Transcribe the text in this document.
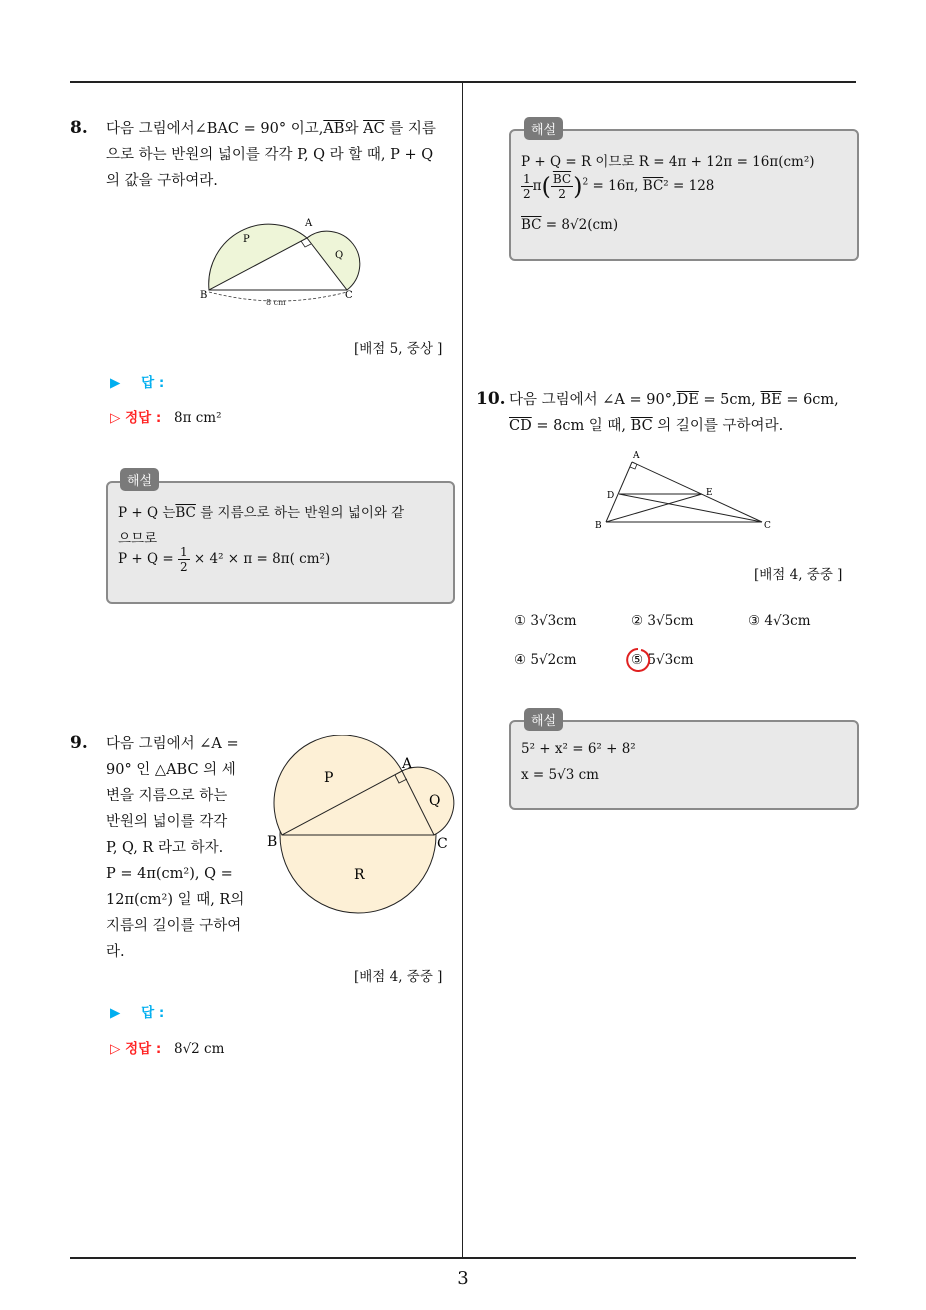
8. 다음 그림에서∠BAC = 90° 이고$,\overline{AB}$와 $\overline{AC}$ 를 지름
으로 하는 반원의 넓이를 각각 P, Q 라 할 때, P + Q
의 값을 구하여라.
A
B	C
P
Q
8 cm
[배점 5, 중상 ]
▶ 답 :
▷ 정답 : 8π cm²
해설
P + Q 는$\overline{BC}$ 를 지름으로 하는 반원의 넓이와 같
으므로
$P + Q = \frac{1}{2} \times 4^2 \times \pi = 8\pi$( cm²)
해설
P + Q = R 이므로 R = 4π + 12π = 16π(cm²)
$\frac{1}{2} \pi( \frac{\overline{BC}}{2} )^2 = 16\pi$, $\overline{BC}^2 = 128$
$\overline{BC} = 8√2(cm)$
10. 다음 그림에서 ∠A = $90^\circ,\overline{DE} = 5cm$, $\overline{BE} = 6cm$,
$\overline{CD} = 8cm$ 일 때, $\overline{BC}$ 의 길이를 구하여라.
A
B	C
D	E
[배점 4, 중중 ]
① 3√3cm	② 3√5cm	③ 4√3cm
④ 5√2cm	⑤ 5√3cm
해설
5² + x² = 6² + 8²
x = 5√3 cm
9. 다음 그림에서 ∠A =
90° 인 △ABC 의 세
변을 지름으로 하는
반원의 넓이를 각각
P, Q, R 라고 하자.
P = 4π(cm²), Q =
12π(cm²) 일 때, R의
지름의 길이를 구하여
라.
A
B	C
P
Q
R
[배점 4, 중중 ]
▶ 답 :
▷ 정답 : 8√2 cm
3
